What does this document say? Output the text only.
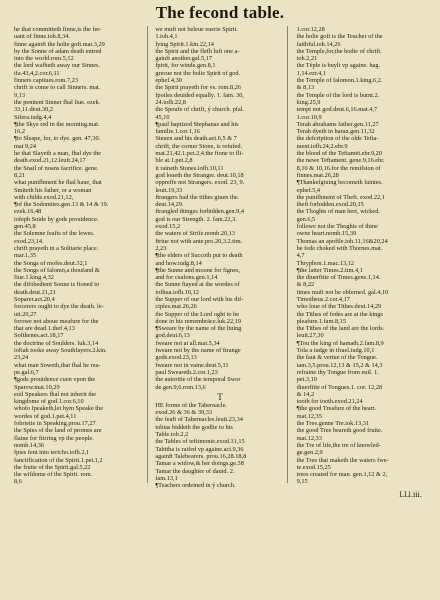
The fecond table.

he that committeth finne,is the fer-

uant of finne.ioh.8,34.

finne againft the holie goft.mar.3,29

by the Sonne of adam death entred

into the world.rom.5,12

the lord wafheth away our Sinnes.

ifa.43,4,2.cor.6,11

finners captiues.rom.7,23

chrift is come to call Sinners. mat.

9,13

the penitent Sinner fhal liue. ezek.

33,11.deut.30,2

Sifera.iudg.4,4

¶the Skye red in the morning.mat.

16,2

¶to Sleape, for, to dye. gen. 47,30.

mat 9,24

he that Slayeth a man, fhal dye the

death.exod.21,12.leuit.24,17

the Snail of noans facrifice. gene.

8,21

what punifhment he fhal haue, that

Smiteth his father, or a woman

with childe.exod.21,12,

¶of the Sodomites.gen.13 & 14 & 19.

ezek.16,48

iofeph Soide by gods prouidence.

gen.45,8

the Solemne feafts of the lewes.

exod.23,14.

chrift prayeth in a Solitarie place.

mar.1,35

the Songs of mofes.deut.32,1

the Songs of falomō,a thoufand &

fiue.1.king.4,32

the difobedient Sonne is ftoned to

death.deut.21,21

Soparer.act.20,4

forcerers ought to dye the death. le-

uit.20,27

forowe not aboue meafure for the

that are dead.1.thef.4,13

Softhenes.act.18,17

the doctrine of Soulders. luk.3,14

iofiah tooke away Southfayers.2.kin.

23,24

what man Soweth,that fhal he rea-

pe.gal.6,7

¶gods prouidence cuen vpon the

Sparow.mat.10,29

euil Speakers fhal not inherit the

kingdome of god.1.cor.6,10

whofo fpeaketh,let hym Speake the

wordes of god.1.pet.4,11

fobrietie in Speaking.prou.17,27

the Spies of the land of promes are

flaine for ftirring vp the people.

nomb.14,36

fpies fent into iericho.iofh.2,1

fanctification of the Spirit.1.pet.1,2

the fruite of the Spirit.gal.5,22

the wifdome of the Spirit. rom.

8,6

we muft not beleue euerie Spirit.

1.ioh.4,1

lying Spirit.1.kin.22,14

the Spirit and the flefh luft one a-

gainft another.gal.5,17

fpirit, for winde.gen.8,1

grecue not the holie Spirit of god.

ephef.4,30

the Spirit prayeth for vs. rom.8,26

fpoiles deuided equally. 1. fam. 30,

24.iofh.22,8

the Spoufe of chrift, ý church. pfal.

45,10

¶paul baptized Stephanas and his

familie.1.cor.1,16

Steuen and his death.act.6,5 & 7

chrift, the corner Stone, is refufed.

mat.21,42.1.pet.2,4.the ftone to fli-

ble at.1.pet.2,8

it raineth Stones.iofh.10,11

god loueth the Stranger. deut.10,18

oppreffe not Strangers. exod. 23, 9.

leuit.19,33

ftrangers had the tithes giuen the.

deut.14,29.

ftrangled thinges forbidden.gen.9,4

god is our Strength. 2. fam.22,3.

exod.15,2

the waters of Strife.nomb.20,13

ftriue not with ante.pro.20,3.2.tim.

2,23

¶the elders of Succoth put to death

and how.iudg.8,14

¶the Sunne and moone for fignes,

and for ceafons.gen.1,14

the Sunne ftayed at the wordes of

iofhua.iofh.10,12

the Supper of our lord with his dif-

ciples.mat.26,26

the Supper of the Lord oght to be

done in his remembrāce.luk.22,19

¶Sweare by the name of the liuing

god.deut.6,13

fweare not at all.mat.5,34

fweare not by the name of ftrange

gods.exod.23,13

fweare not in vaine.deut.5,11

paul Sweareth.2.cor.1,23

the autoritie of the temporal Swor

de.gen.9,6.rom.13,6

T

HE forme of the Tabernacle.

exod.26 & 36 & 39,33

the feaft of Tabernacles.leuit.23,34

tobias biddeth the godlie to his

Table.tob.2,2

the Tables of teftimonie.exod.31,15

Tabitha is raifed vp againe.act.9,36

againft Talebearers. prou.16,28.18,8

Tamar a widow,& her doings.ge.38

Tamar the daughter of dauid. 2.

fam.13,1

¶Teachers ordeined in ý church.

1.cor.12,28

the holie goft is the Teacher of the

faithful.ioh.14,26

the Temple,for,the bodie of chrift.

ioh.2,21

the Téple is buylt vp againe. hag.

1,14.ezr.4,1

the Temple of falomon.1.king.6,2.

& 8,13

the Temple of the lord is burnt.2.

king.25,9

tempt not god.deut.6,16.mat.4,7

1.cor.10,9

Terah abrahams father.gen.11,27

Terah dyeth in haran.gen.11,32

the defcription of the olde Tefta-

ment.iofh.24,2.ebr.9

the blood of the Teftamēt.ebr.9,20

the newe Teftament. gene.9,16.ebr.

8,10 & 10,16.for the remifsion of

finnes.mat.26,28

¶Thankefgiuing becometh faintes.

ephef.5,4

the punifhment of Theft. exod.22,1

theft forbidden.exod.20,15

the Thoghts of man hert, wicked.

gen.6,5

followe not the Thoghts of thine

owne heart.nomb.15,39

Thomas an apoftle.ioh.11,16&20,24

he fede choked with Thornes.mat.

4,7

Thryphon.1.mac.13,12

¶the latter Times.2.tim.4,1

the diuerfitie of Times.gene.1,14.

& 8,22

times muft not be obferned. gal.4,10

Timotheus.2.cor.4,17

who loue of the Tithes.deut.14,29

the Tithes of fedes are at the kings

pleafure.1.fam.8,15

the Tithes of the land are the lords.

leuit.27,30

¶Tou the king of hamath.2.fam.8,9

Tola a iudge in ifrael.iudg.10,1

the faut & vertue of the Tongue.

iam.3,5.prou.12,13 & 15,2 & 14,3

refraine thy Tongue from euil. 1.

pet.3,10

diuerfitie of Tongues.1. cor. 12,28

& 14,2

tooth for tooth.exod.21,24

¶the good Treafure of the heart.

mat.12,35

the Tree.genne Tre.iok.13,31

the good Tree beareth good fruite.

mat.12,33

the Tre of life,the tre of knowled-

ge.gen.2,9

the Tree that maketh the waters fwe-

te.exod.15,25

trees created for man. gen.1,12 & 2,

9,15

LLl.iii.
